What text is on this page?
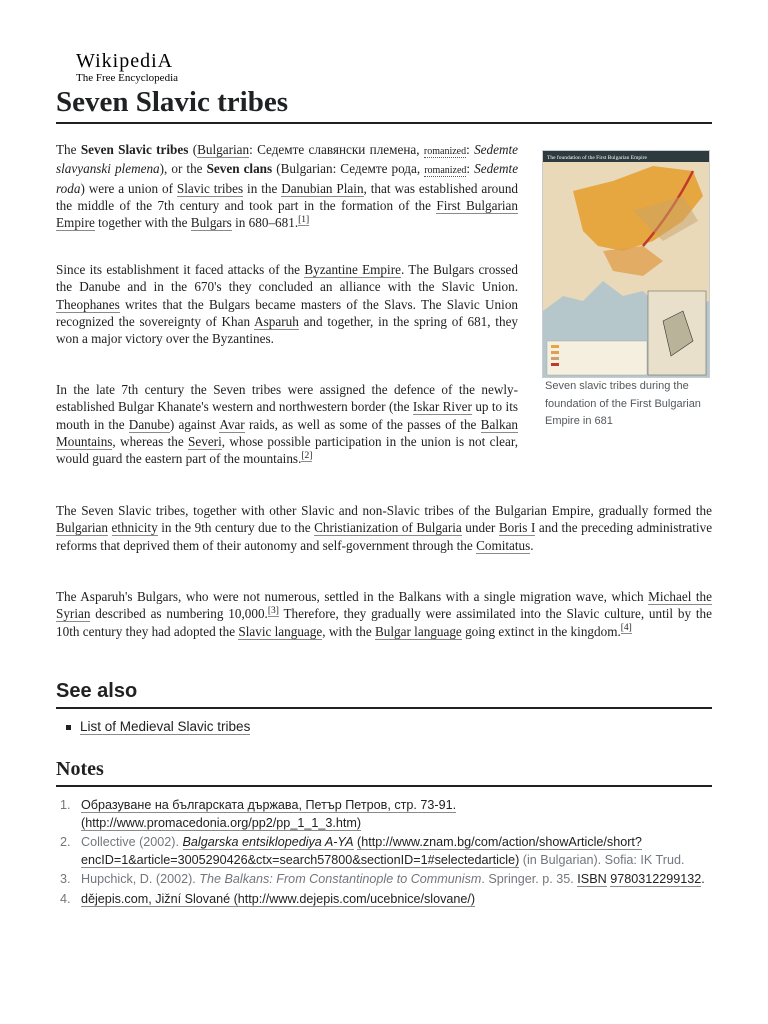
WikipediA
The Free Encyclopedia
Seven Slavic tribes

The Seven Slavic tribes (Bulgarian: Седемте славянски племена, romanized: Sedemte slavyanski plemena), or the Seven clans (Bulgarian: Седемте рода, romanized: Sedemte roda) were a union of Slavic tribes in the Danubian Plain, that was established around the middle of the 7th century and took part in the formation of the First Bulgarian Empire together with the Bulgars in 680–681.[1]

Since its establishment it faced attacks of the Byzantine Empire. The Bulgars crossed the Danube and in the 670's they concluded an alliance with the Slavic Union. Theophanes writes that the Bulgars became masters of the Slavs. The Slavic Union recognized the sovereignty of Khan Asparuh and together, in the spring of 681, they won a major victory over the Byzantines.

In the late 7th century the Seven tribes were assigned the defence of the newly-established Bulgar Khanate's western and northwestern border (the Iskar River up to its mouth in the Danube) against Avar raids, as well as some of the passes of the Balkan Mountains, whereas the Severi, whose possible participation in the union is not clear, would guard the eastern part of the mountains.[2]

The foundation of the First Bulgarian Empire
Seven slavic tribes during the foundation of the First Bulgarian Empire in 681

The Seven Slavic tribes, together with other Slavic and non-Slavic tribes of the Bulgarian Empire, gradually formed the Bulgarian ethnicity in the 9th century due to the Christianization of Bulgaria under Boris I and the preceding administrative reforms that deprived them of their autonomy and self-government through the Comitatus.

The Asparuh's Bulgars, who were not numerous, settled in the Balkans with a single migration wave, which Michael the Syrian described as numbering 10,000.[3] Therefore, they gradually were assimilated into the Slavic culture, until by the 10th century they had adopted the Slavic language, with the Bulgar language going extinct in the kingdom.[4]

See also
List of Medieval Slavic tribes
Notes
1. Образуване на българската държава, Петър Петров, стр. 73-91. (http://www.promacedonia.org/pp2/pp_1_1_3.htm)
2. Collective (2002). Balgarska entsiklopediya A-YA (http://www.znam.bg/com/action/showArticle/short?encID=1&article=3005290426&ctx=search57800&sectionID=1#selectedarticle) (in Bulgarian). Sofia: IK Trud.
3. Hupchick, D. (2002). The Balkans: From Constantinople to Communism. Springer. p. 35. ISBN 9780312299132.
4. dějepis.com, Jižní Slované (http://www.dejepis.com/ucebnice/slovane/)
